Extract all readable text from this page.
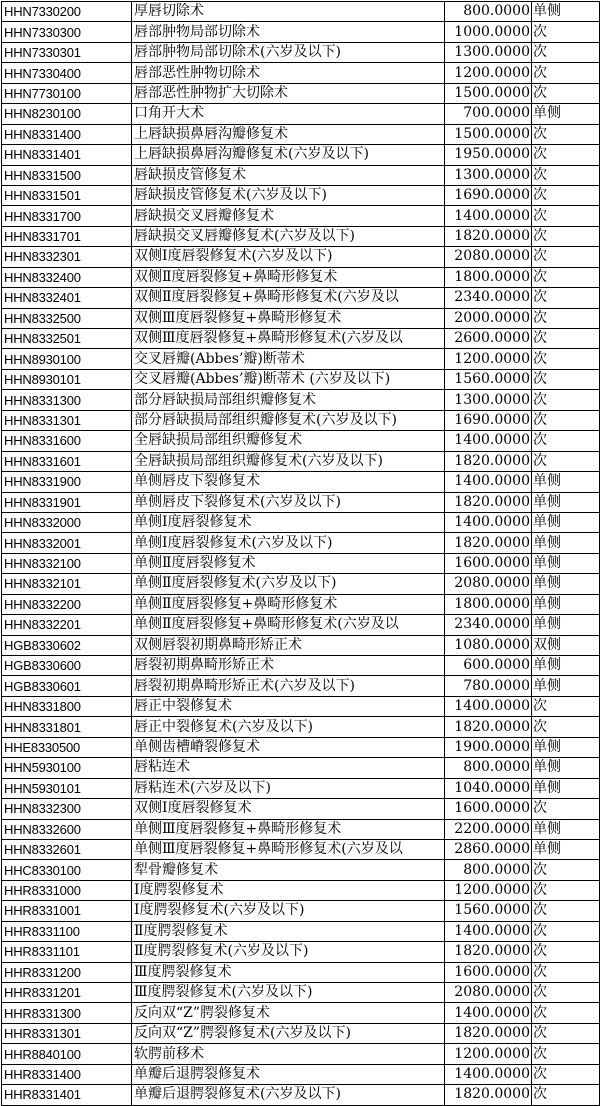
HHN7330200	厚唇切除术	800.0000	单侧
HHN7330300	唇部肿物局部切除术	1000.0000	次
HHN7330301	唇部肿物局部切除术(六岁及以下)	1300.0000	次
HHN7330400	唇部恶性肿物切除术	1200.0000	次
HHN7730100	唇部恶性肿物扩大切除术	1500.0000	次
HHN8230100	口角开大术	700.0000	单侧
HHN8331400	上唇缺损鼻唇沟瓣修复术	1500.0000	次
HHN8331401	上唇缺损鼻唇沟瓣修复术(六岁及以下)	1950.0000	次
HHN8331500	唇缺损皮管修复术	1300.0000	次
HHN8331501	唇缺损皮管修复术(六岁及以下)	1690.0000	次
HHN8331700	唇缺损交叉唇瓣修复术	1400.0000	次
HHN8331701	唇缺损交叉唇瓣修复术(六岁及以下)	1820.0000	次
HHN8332301	双侧Ⅰ度唇裂修复术(六岁及以下)	2080.0000	次
HHN8332400	双侧Ⅱ度唇裂修复+鼻畸形修复术	1800.0000	次
HHN8332401	双侧Ⅱ度唇裂修复+鼻畸形修复术(六岁及以	2340.0000	次
HHN8332500	双侧Ⅲ度唇裂修复+鼻畸形修复术	2000.0000	次
HHN8332501	双侧Ⅲ度唇裂修复+鼻畸形修复术(六岁及以	2600.0000	次
HHN8930100	交叉唇瓣(Abbes’瓣)断蒂术	1200.0000	次
HHN8930101	交叉唇瓣(Abbes’瓣)断蒂术 (六岁及以下)	1560.0000	次
HHN8331300	部分唇缺损局部组织瓣修复术	1300.0000	次
HHN8331301	部分唇缺损局部组织瓣修复术(六岁及以下)	1690.0000	次
HHN8331600	全唇缺损局部组织瓣修复术	1400.0000	次
HHN8331601	全唇缺损局部组织瓣修复术(六岁及以下)	1820.0000	次
HHN8331900	单侧唇皮下裂修复术	1400.0000	单侧
HHN8331901	单侧唇皮下裂修复术(六岁及以下)	1820.0000	单侧
HHN8332000	单侧Ⅰ度唇裂修复术	1400.0000	单侧
HHN8332001	单侧Ⅰ度唇裂修复术(六岁及以下)	1820.0000	单侧
HHN8332100	单侧Ⅱ度唇裂修复术	1600.0000	单侧
HHN8332101	单侧Ⅱ度唇裂修复术(六岁及以下)	2080.0000	单侧
HHN8332200	单侧Ⅱ度唇裂修复+鼻畸形修复术	1800.0000	单侧
HHN8332201	单侧Ⅱ度唇裂修复+鼻畸形修复术(六岁及以	2340.0000	单侧
HGB8330602	双侧唇裂初期鼻畸形矫正术	1080.0000	双侧
HGB8330600	唇裂初期鼻畸形矫正术	600.0000	单侧
HGB8330601	唇裂初期鼻畸形矫正术(六岁及以下)	780.0000	单侧
HHN8331800	唇正中裂修复术	1400.0000	次
HHN8331801	唇正中裂修复术(六岁及以下)	1820.0000	次
HHE8330500	单侧齿槽嵴裂修复术	1900.0000	单侧
HHN5930100	唇粘连术	800.0000	单侧
HHN5930101	唇粘连术(六岁及以下)	1040.0000	单侧
HHN8332300	双侧Ⅰ度唇裂修复术	1600.0000	次
HHN8332600	单侧Ⅲ度唇裂修复+鼻畸形修复术	2200.0000	单侧
HHN8332601	单侧Ⅲ度唇裂修复+鼻畸形修复术(六岁及以	2860.0000	单侧
HHC8330100	犁骨瓣修复术	800.0000	次
HHR8331000	Ⅰ度腭裂修复术	1200.0000	次
HHR8331001	Ⅰ度腭裂修复术(六岁及以下)	1560.0000	次
HHR8331100	Ⅱ度腭裂修复术	1400.0000	次
HHR8331101	Ⅱ度腭裂修复术(六岁及以下)	1820.0000	次
HHR8331200	Ⅲ度腭裂修复术	1600.0000	次
HHR8331201	Ⅲ度腭裂修复术(六岁及以下)	2080.0000	次
HHR8331300	反向双“Z”腭裂修复术	1400.0000	次
HHR8331301	反向双“Z”腭裂修复术(六岁及以下)	1820.0000	次
HHR8840100	软腭前移术	1200.0000	次
HHR8331400	单瓣后退腭裂修复术	1400.0000	次
HHR8331401	单瓣后退腭裂修复术(六岁及以下)	1820.0000	次
